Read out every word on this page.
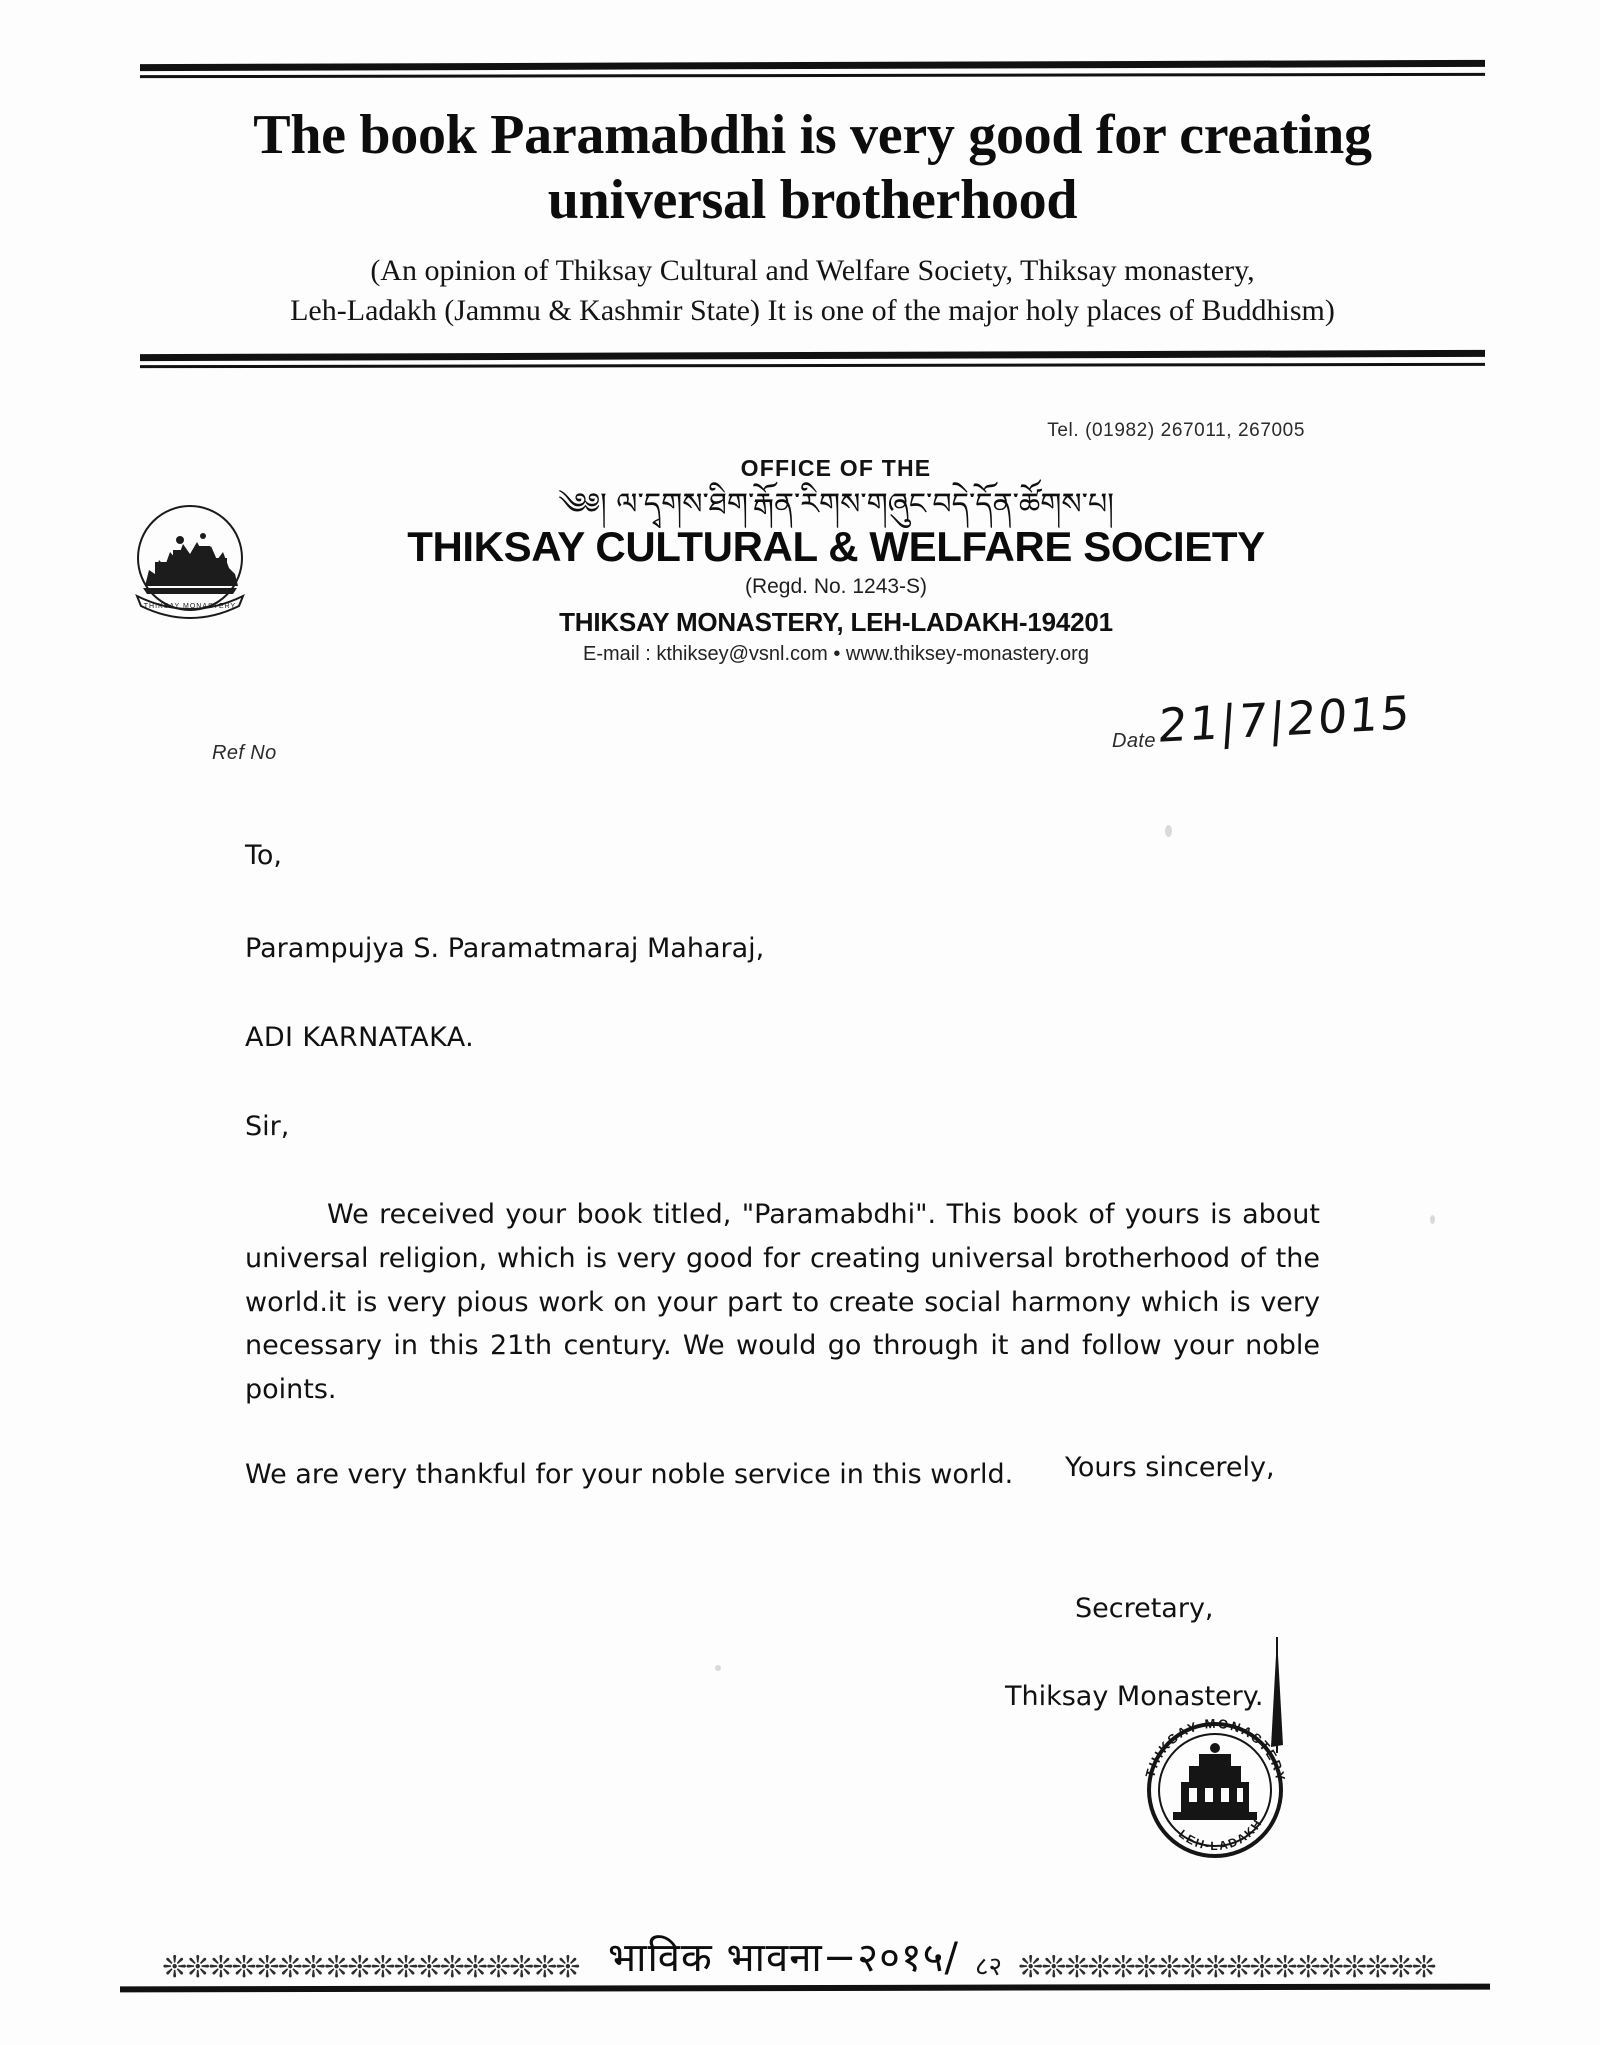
The book Paramabdhi is very good for creating
universal brotherhood
(An opinion of Thiksay Cultural and Welfare Society, Thiksay monastery,
Leh-Ladakh (Jammu & Kashmir State) It is one of the major holy places of Buddhism)
THIKSAY MONASTERY
Tel. (01982) 267011, 267005
OFFICE OF THE
༄༅། ལ་དྭགས་ཐིག་རྒོན་རིགས་གཞུང་བདེ་དོན་ཚོགས་པ།
THIKSAY CULTURAL & WELFARE SOCIETY
(Regd. No. 1243-S)
THIKSAY MONASTERY, LEH-LADAKH-194201
E-mail : kthiksey@vsnl.com • www.thiksey-monastery.org
Ref No
Date 21|7|2015

To,

Parampujya S. Paramatmaraj Maharaj,

ADI KARNATAKA.

Sir,

We received your book titled, "Paramabdhi". This book of yours is about universal religion, which is very good for creating universal brotherhood of the world.it is very pious work on your part to create social harmony which is very necessary in this 21th century. We would go through it and follow your noble points.

We are very thankful for your noble service in this world.	Yours sincerely,

Secretary,

Thiksay Monastery.

THIKSAY MONASTERY
LEH-LADAKH
❊❊❊❊❊❊❊❊❊❊❊❊❊❊❊❊❊❊ भाविक भावना−२०१५/ ८२ ❊❊❊❊❊❊❊❊❊❊❊❊❊❊❊❊❊❊
